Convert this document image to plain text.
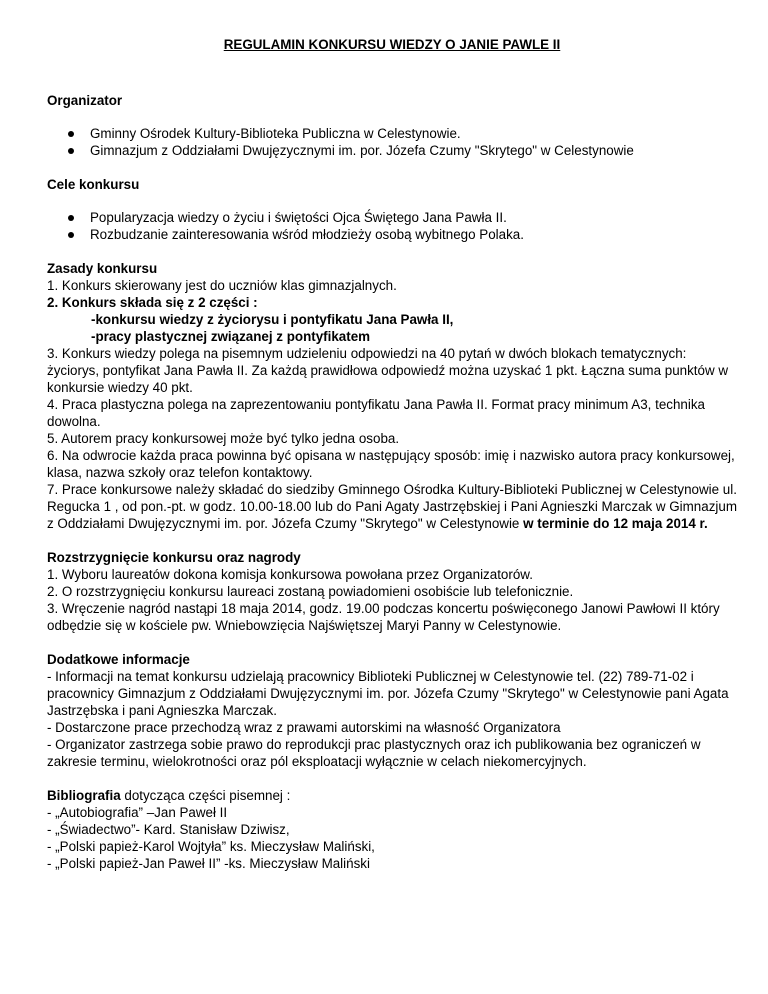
REGULAMIN KONKURSU WIEDZY O JANIE PAWLE II

Organizator

Gminny Ośrodek Kultury-Biblioteka Publiczna w Celestynowie.
Gimnazjum z Oddziałami Dwujęzycznymi im. por. Józefa Czumy "Skrytego" w Celestynowie

Cele konkursu

Popularyzacja wiedzy o życiu i świętości Ojca Świętego Jana Pawła II.
Rozbudzanie zainteresowania wśród młodzieży osobą wybitnego Polaka.

Zasady konkursu

1. Konkurs skierowany jest do uczniów klas gimnazjalnych.

2. Konkurs składa się z 2 części :

-konkursu wiedzy z życiorysu i pontyfikatu Jana Pawła II,

-pracy plastycznej związanej z pontyfikatem

3. Konkurs wiedzy polega na pisemnym udzieleniu odpowiedzi na 40 pytań w dwóch blokach tematycznych: życiorys, pontyfikat Jana Pawła II. Za każdą prawidłowa odpowiedź można uzyskać 1 pkt. Łączna suma punktów w konkursie wiedzy 40 pkt.

4. Praca plastyczna polega na zaprezentowaniu pontyfikatu Jana Pawła II. Format pracy minimum A3, technika dowolna.

5. Autorem pracy konkursowej może być tylko jedna osoba.

6. Na odwrocie każda praca powinna być opisana w następujący sposób: imię i nazwisko autora pracy konkursowej, klasa, nazwa szkoły oraz telefon kontaktowy.

7. Prace konkursowe należy składać do siedziby Gminnego Ośrodka Kultury-Biblioteki Publicznej w Celestynowie ul. Regucka 1 , od pon.-pt. w godz. 10.00-18.00 lub do Pani Agaty Jastrzębskiej i Pani Agnieszki Marczak w Gimnazjum z Oddziałami Dwujęzycznymi im. por. Józefa Czumy "Skrytego" w Celestynowie w terminie do 12 maja 2014 r.

Rozstrzygnięcie konkursu oraz nagrody

1. Wyboru laureatów dokona komisja konkursowa powołana przez Organizatorów.

2. O rozstrzygnięciu konkursu laureaci zostaną powiadomieni osobiście lub telefonicznie.

3. Wręczenie nagród nastąpi 18 maja 2014, godz. 19.00 podczas koncertu poświęconego Janowi Pawłowi II który odbędzie się w kościele pw. Wniebowzięcia Najświętszej Maryi Panny w Celestynowie.

Dodatkowe informacje

- Informacji na temat konkursu udzielają pracownicy Biblioteki Publicznej w Celestynowie tel. (22) 789-71-02 i pracownicy Gimnazjum z Oddziałami Dwujęzycznymi im. por. Józefa Czumy "Skrytego" w Celestynowie pani Agata Jastrzębska i pani Agnieszka Marczak.

- Dostarczone prace przechodzą wraz z prawami autorskimi na własność Organizatora

- Organizator zastrzega sobie prawo do reprodukcji prac plastycznych oraz ich publikowania bez ograniczeń w zakresie terminu, wielokrotności oraz pól eksploatacji wyłącznie w celach niekomercyjnych.

Bibliografia dotycząca części pisemnej :

- „Autobiografia” –Jan Paweł II

- „Świadectwo”- Kard. Stanisław Dziwisz,

- „Polski papież-Karol Wojtyła” ks. Mieczysław Maliński,

- „Polski papież-Jan Paweł II” -ks. Mieczysław Maliński
